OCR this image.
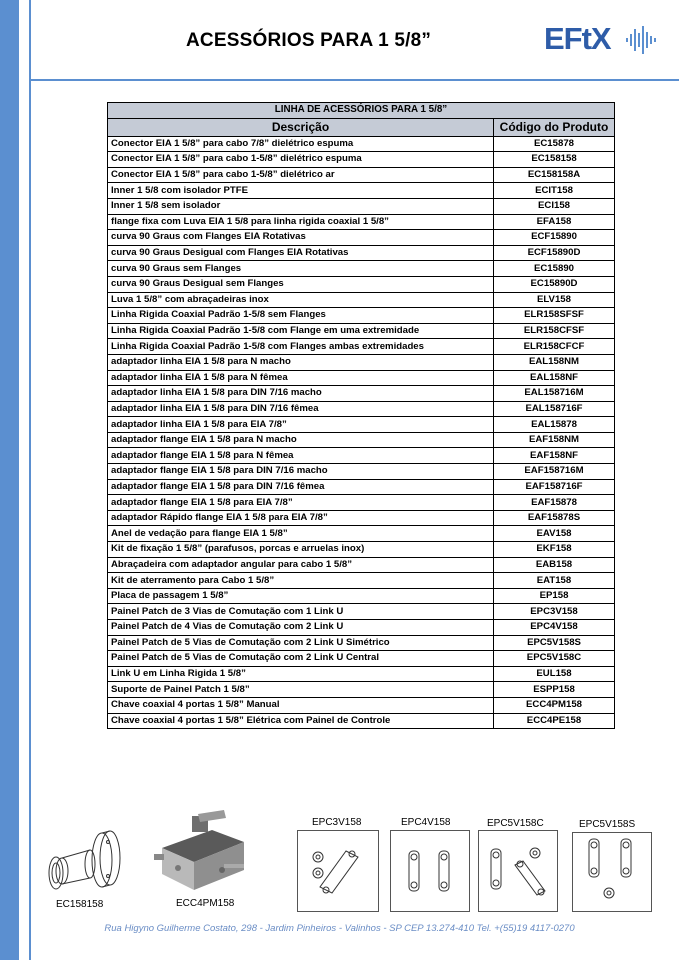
ACESSÓRIOS PARA 1 5/8”	EFtX
LINHA DE ACESSÓRIOS PARA 1 5/8”	
Descrição	Código do Produto
Conector EIA 1 5/8” para cabo 7/8” dielétrico espuma	EC15878
Conector EIA 1 5/8” para cabo 1-5/8” dielétrico espuma	EC158158
Conector EIA 1 5/8” para cabo 1-5/8” dielétrico ar	EC158158A
Inner 1 5/8 com isolador PTFE	ECIT158
Inner 1 5/8 sem isolador	ECI158
flange fixa com Luva EIA 1 5/8 para linha rigida coaxial 1 5/8”	EFA158
curva 90 Graus com Flanges EIA Rotativas	ECF15890
curva 90 Graus Desigual com Flanges EIA Rotativas	ECF15890D
curva 90 Graus sem Flanges	EC15890
curva 90 Graus Desigual sem Flanges	EC15890D
Luva 1 5/8” com abraçadeiras inox	ELV158
Linha Rigida Coaxial Padrão 1-5/8 sem Flanges	ELR158SFSF
Linha Rigida Coaxial Padrão 1-5/8 com Flange em uma extremidade	ELR158CFSF
Linha Rigida Coaxial Padrão 1-5/8 com Flanges ambas extremidades	ELR158CFCF
adaptador linha EIA 1 5/8 para N macho	EAL158NM
adaptador linha EIA 1 5/8 para N fêmea	EAL158NF
adaptador linha EIA 1 5/8 para DIN 7/16 macho	EAL158716M
adaptador linha EIA 1 5/8 para DIN 7/16 fêmea	EAL158716F
adaptador linha EIA 1 5/8 para EIA 7/8”	EAL15878
adaptador flange EIA 1 5/8 para N macho	EAF158NM
adaptador flange EIA 1 5/8 para N fêmea	EAF158NF
adaptador flange EIA 1 5/8 para DIN 7/16 macho	EAF158716M
adaptador flange EIA 1 5/8 para DIN 7/16 fêmea	EAF158716F
adaptador flange EIA 1 5/8 para EIA 7/8”	EAF15878
adaptador Rápido flange EIA 1 5/8 para EIA 7/8”	EAF15878S
Anel de vedação para flange EIA 1 5/8”	EAV158
Kit de fixação 1 5/8” (parafusos, porcas e arruelas inox)	EKF158
Abraçadeira com adaptador angular para cabo 1 5/8”	EAB158
Kit de aterramento para Cabo 1 5/8”	EAT158
Placa de passagem 1 5/8”	EP158
Painel Patch de 3 Vias de Comutação com 1 Link U	EPC3V158
Painel Patch de 4 Vias de Comutação com 2 Link U	EPC4V158
Painel Patch de 5 Vias de Comutação com 2 Link U Simétrico	EPC5V158S
Painel Patch de 5 Vias de Comutação com 2 Link U Central	EPC5V158C
Link U em Linha Rigida 1 5/8”	EUL158
Suporte de Painel Patch 1 5/8”	ESPP158
Chave coaxial 4 portas 1 5/8” Manual	ECC4PM158
Chave coaxial 4 portas 1 5/8” Elétrica com Painel de Controle	ECC4PE158
EC158158	ECC4PM158
EPC3V158	EPC4V158	EPC5V158C	EPC5V158S
Rua Higyno Guilherme Costato, 298 - Jardim Pinheiros - Valinhos - SP CEP 13.274-410 Tel. +(55)19 4117-0270
